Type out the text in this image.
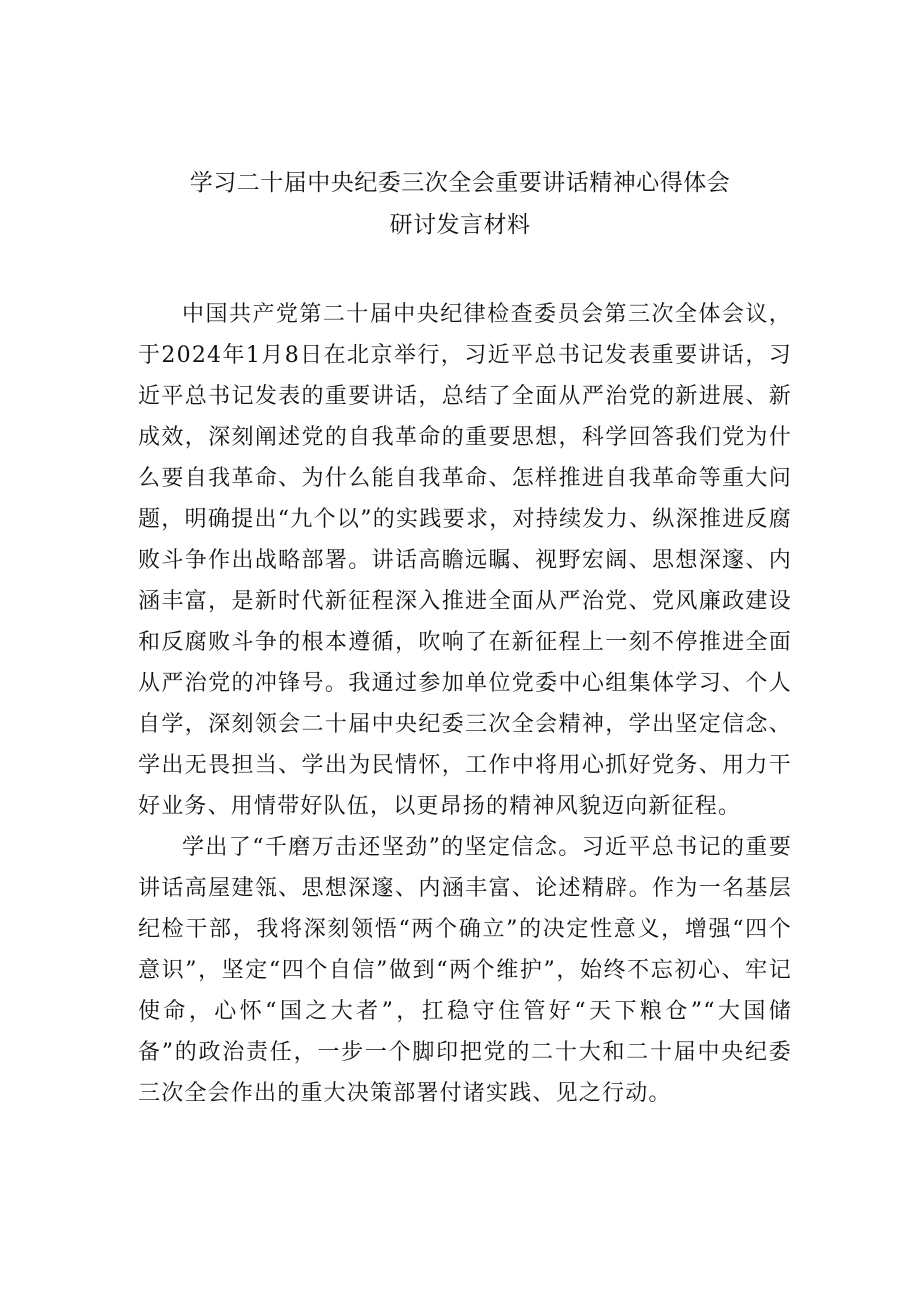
学习二十届中央纪委三次全会重要讲话精神心得体会
研讨发言材料

中国共产党第二十届中央纪律检查委员会第三次全体会议，于2024年1月8日在北京举行，习近平总书记发表重要讲话，习近平总书记发表的重要讲话，总结了全面从严治党的新进展、新成效，深刻阐述党的自我革命的重要思想，科学回答我们党为什么要自我革命、为什么能自我革命、怎样推进自我革命等重大问题，明确提出“九个以”的实践要求，对持续发力、纵深推进反腐败斗争作出战略部署。讲话高瞻远瞩、视野宏阔、思想深邃、内涵丰富，是新时代新征程深入推进全面从严治党、党风廉政建设和反腐败斗争的根本遵循，吹响了在新征程上一刻不停推进全面从严治党的冲锋号。我通过参加单位党委中心组集体学习、个人自学，深刻领会二十届中央纪委三次全会精神，学出坚定信念、学出无畏担当、学出为民情怀，工作中将用心抓好党务、用力干好业务、用情带好队伍，以更昂扬的精神风貌迈向新征程。

学出了“千磨万击还坚劲”的坚定信念。习近平总书记的重要讲话高屋建瓴、思想深邃、内涵丰富、论述精辟。作为一名基层纪检干部，我将深刻领悟“两个确立”的决定性意义，增强“四个意识”，坚定“四个自信”做到“两个维护”，始终不忘初心、牢记使命，心怀“国之大者”，扛稳守住管好“天下粮仓”“大国储备”的政治责任，一步一个脚印把党的二十大和二十届中央纪委三次全会作出的重大决策部署付诸实践、见之行动。
